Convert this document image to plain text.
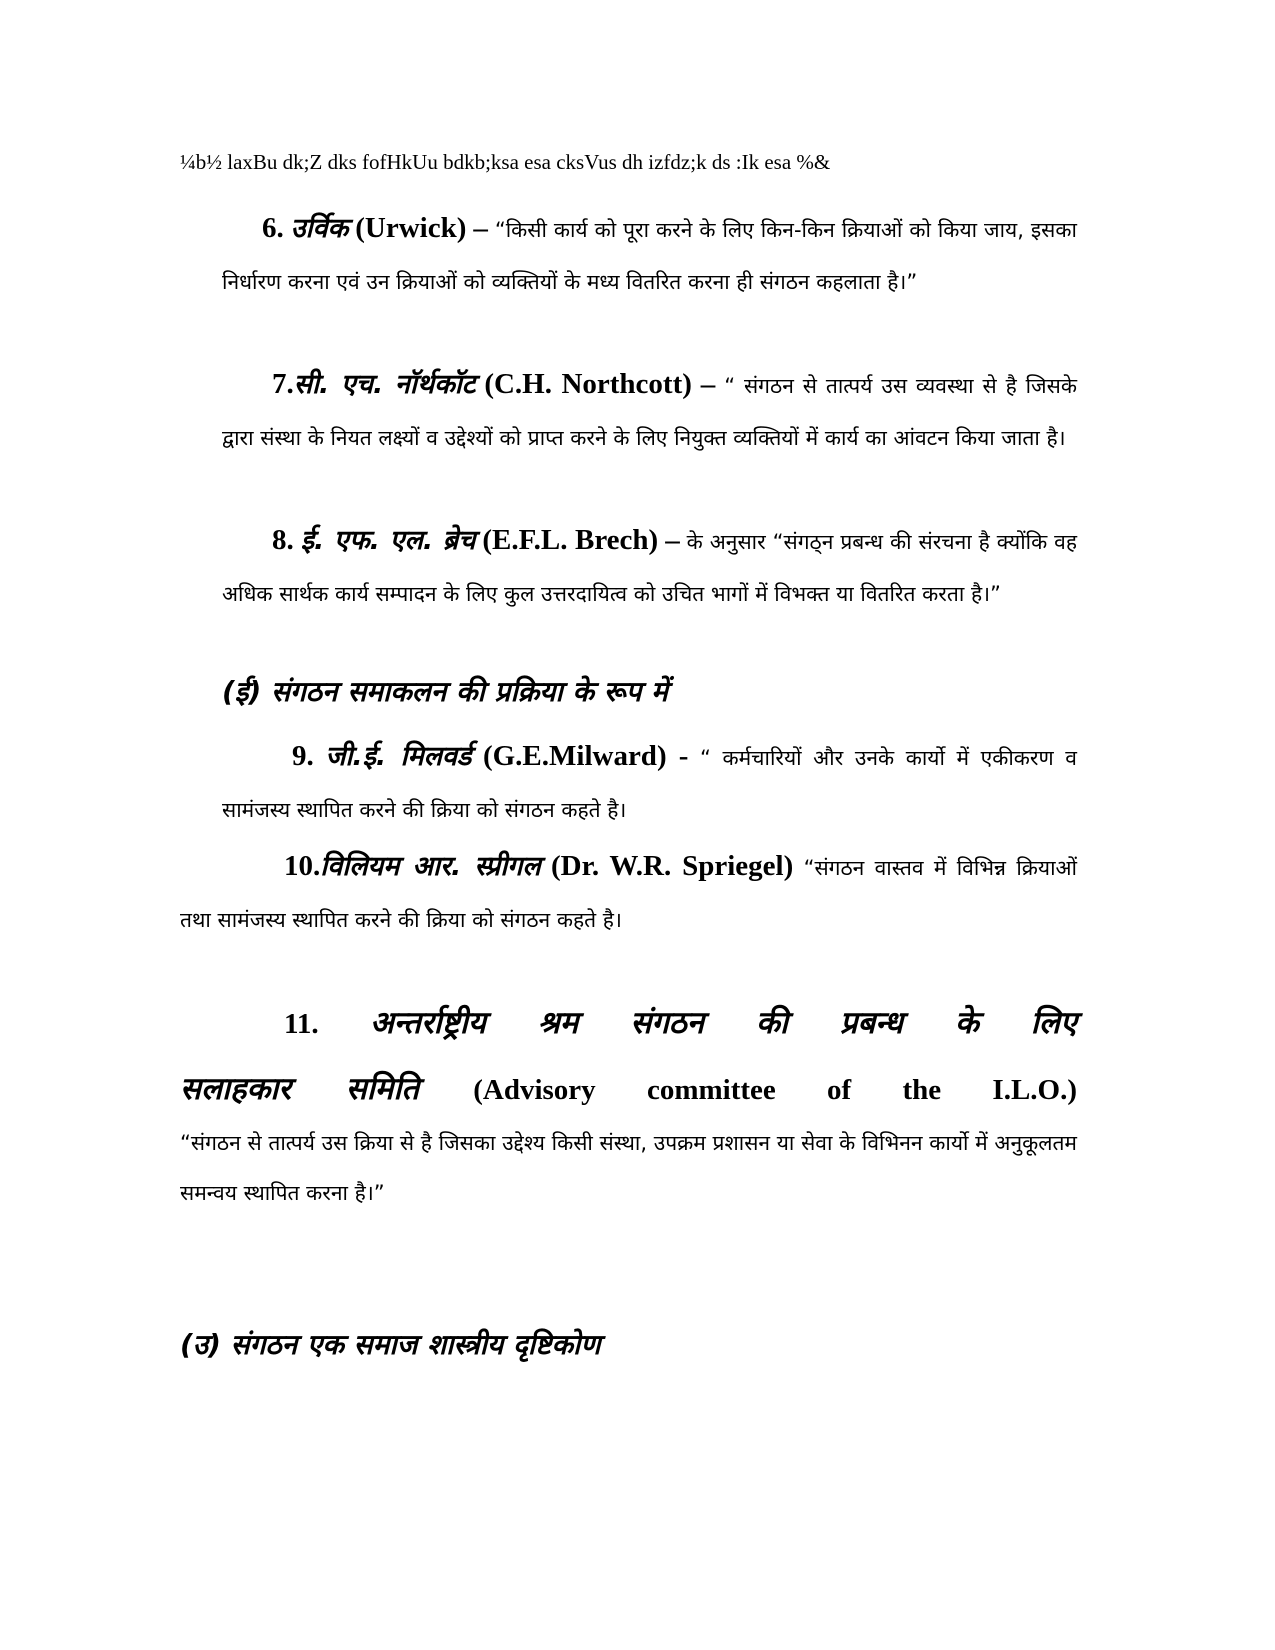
¼b½ laxBu dk;Z dks fofHkUu bdkb;ksa esa cksVus dh izfdz;k ds :Ik esa %&
6. उर्विक (Urwick) – “किसी कार्य को पूरा करने के लिए किन-किन क्रियाओं को किया जाय, इसका निर्धारण करना एवं उन क्रियाओं को व्यक्तियों के मध्य वितरित करना ही संगठन कहलाता है।”
7.सी. एच. नॉर्थकॉट (C.H. Northcott) – “ संगठन से तात्पर्य उस व्यवस्था से है जिसके द्वारा संस्था के नियत लक्ष्यों व उद्देश्यों को प्राप्त करने के लिए नियुक्त व्यक्तियों में कार्य का आंवटन किया जाता है।
8. ई. एफ. एल. ब्रेच (E.F.L. Brech) – के अनुसार “संगठ्न प्रबन्ध की संरचना है क्योंकि वह अधिक सार्थक कार्य सम्पादन के लिए कुल उत्तरदायित्व को उचित भागों में विभक्त या वितरित करता है।”
(ई) संगठन समाकलन की प्रक्रिया के रूप में
9. जी.ई. मिलवर्ड (G.E.Milward) - “ कर्मचारियों और उनके कार्यो में एकीकरण व सामंजस्य स्थापित करने की क्रिया को संगठन कहते है।
10.विलियम आर. स्प्रीगल (Dr. W.R. Spriegel) “संगठन वास्तव में विभिन्न क्रियाओं तथा सामंजस्य स्थापित करने की क्रिया को संगठन कहते है।
11. अन्तर्राष्ट्रीय श्रम संगठन की प्रबन्ध के लिए
सलाहकार समिति (Advisory committee of the I.L.O.)
“संगठन से तात्पर्य उस क्रिया से है जिसका उद्देश्य किसी संस्था, उपक्रम प्रशासन या सेवा के विभिनन कार्यो में अनुकूलतम समन्वय स्थापित करना है।”
(उ) संगठन एक समाज शास्त्रीय दृष्टिकोण
